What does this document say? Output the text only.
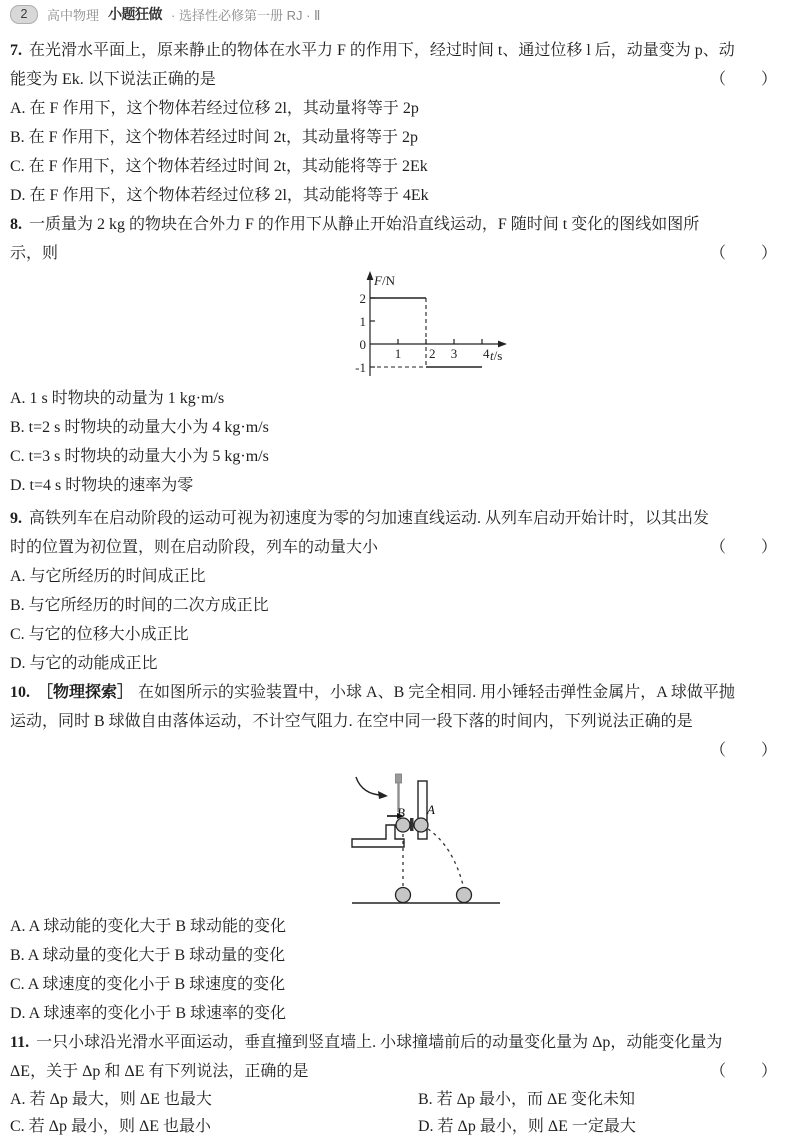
2	高中物理 小题狂做 · 选择性必修第一册 RJ · Ⅱ
7. 在光滑水平面上，原来静止的物体在水平力 F 的作用下，经过时间 t、通过位移 l 后，动量变为 p、动
能变为 Ek. 以下说法正确的是	（　　）
A. 在 F 作用下，这个物体若经过位移 2l，其动量将等于 2p
B. 在 F 作用下，这个物体若经过时间 2t，其动量将等于 2p
C. 在 F 作用下，这个物体若经过时间 2t，其动能将等于 2Ek
D. 在 F 作用下，这个物体若经过位移 2l，其动能将等于 4Ek
8. 一质量为 2 kg 的物块在合外力 F 的作用下从静止开始沿直线运动，F 随时间 t 变化的图线如图所
示，则	（　　）
F/N
t/s
2
1
0
-1
1 2 3 4
A. 1 s 时物块的动量为 1 kg·m/s
B. t=2 s 时物块的动量大小为 4 kg·m/s
C. t=3 s 时物块的动量大小为 5 kg·m/s
D. t=4 s 时物块的速率为零
9. 高铁列车在启动阶段的运动可视为初速度为零的匀加速直线运动. 从列车启动开始计时，以其出发
时的位置为初位置，则在启动阶段，列车的动量大小	（　　）
A. 与它所经历的时间成正比
B. 与它所经历的时间的二次方成正比
C. 与它的位移大小成正比
D. 与它的动能成正比
10. ［物理探索］ 在如图所示的实验装置中，小球 A、B 完全相同. 用小锤轻击弹性金属片，A 球做平抛
运动，同时 B 球做自由落体运动，不计空气阻力. 在空中同一段下落的时间内，下列说法正确的是
（　　）
B A
A. A 球动能的变化大于 B 球动能的变化
B. A 球动量的变化大于 B 球动量的变化
C. A 球速度的变化小于 B 球速度的变化
D. A 球速率的变化小于 B 球速率的变化
11. 一只小球沿光滑水平面运动，垂直撞到竖直墙上. 小球撞墙前后的动量变化量为 Δp，动能变化量为
ΔE，关于 Δp 和 ΔE 有下列说法，正确的是	（　　）
A. 若 Δp 最大，则 ΔE 也最大	B. 若 Δp 最小，而 ΔE 变化未知
C. 若 Δp 最小，则 ΔE 也最小	D. 若 Δp 最小，则 ΔE 一定最大
